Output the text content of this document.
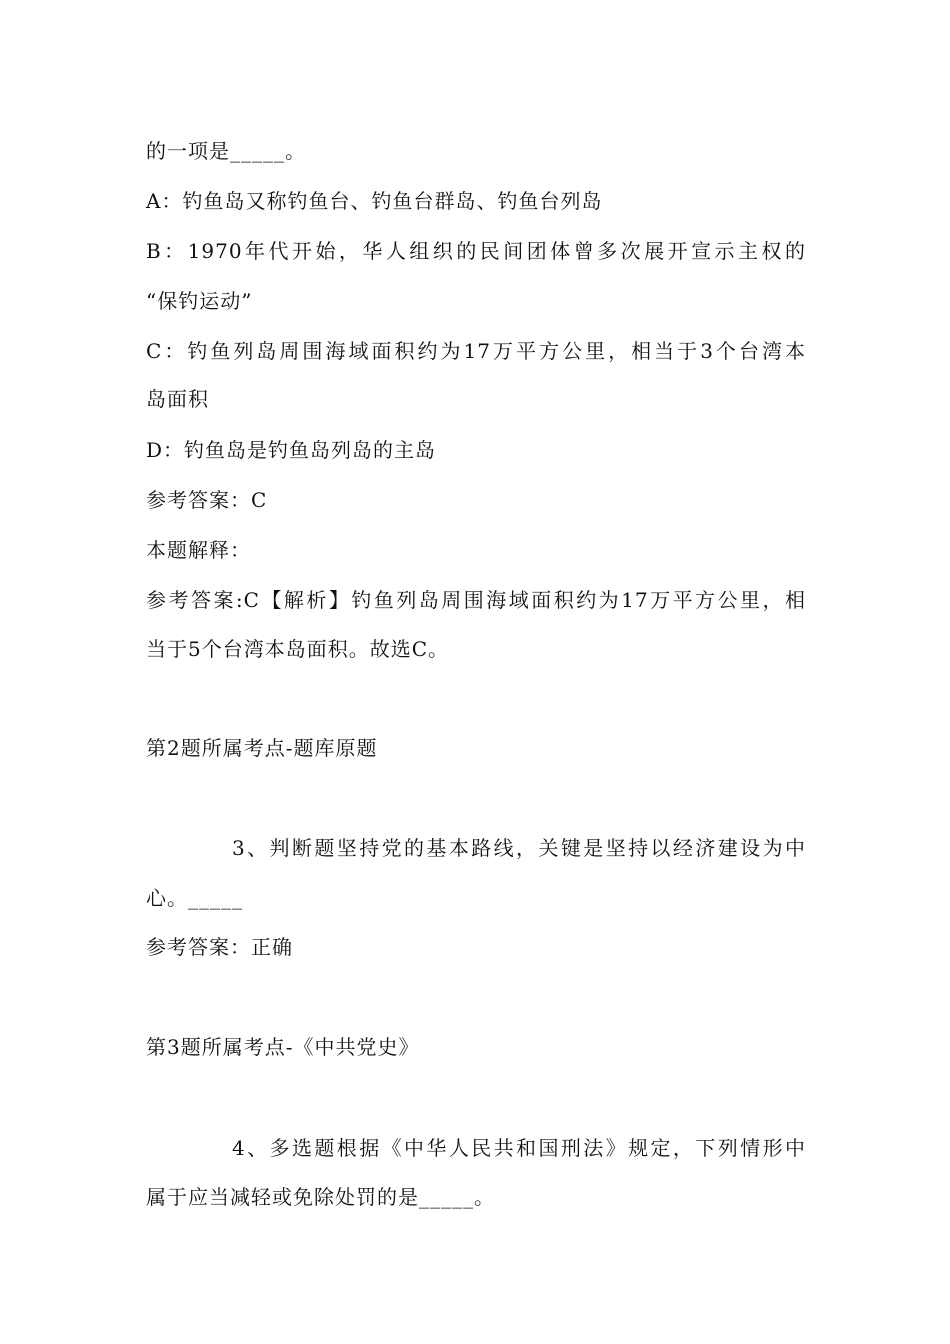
的一项是_____。
A：钓鱼岛又称钓鱼台、钓鱼台群岛、钓鱼台列岛
B：1970年代开始，华人组织的民间团体曾多次展开宣示主权的
“保钓运动”
C：钓鱼列岛周围海域面积约为17万平方公里，相当于3个台湾本
岛面积
D：钓鱼岛是钓鱼岛列岛的主岛
参考答案：C
本题解释：
参考答案:C【解析】钓鱼列岛周围海域面积约为17万平方公里，相
当于5个台湾本岛面积。故选C。
第2题所属考点-题库原题
3、判断题坚持党的基本路线，关键是坚持以经济建设为中
心。_____
参考答案：正确
第3题所属考点-《中共党史》
4、多选题根据《中华人民共和国刑法》规定，下列情形中
属于应当减轻或免除处罚的是_____。
